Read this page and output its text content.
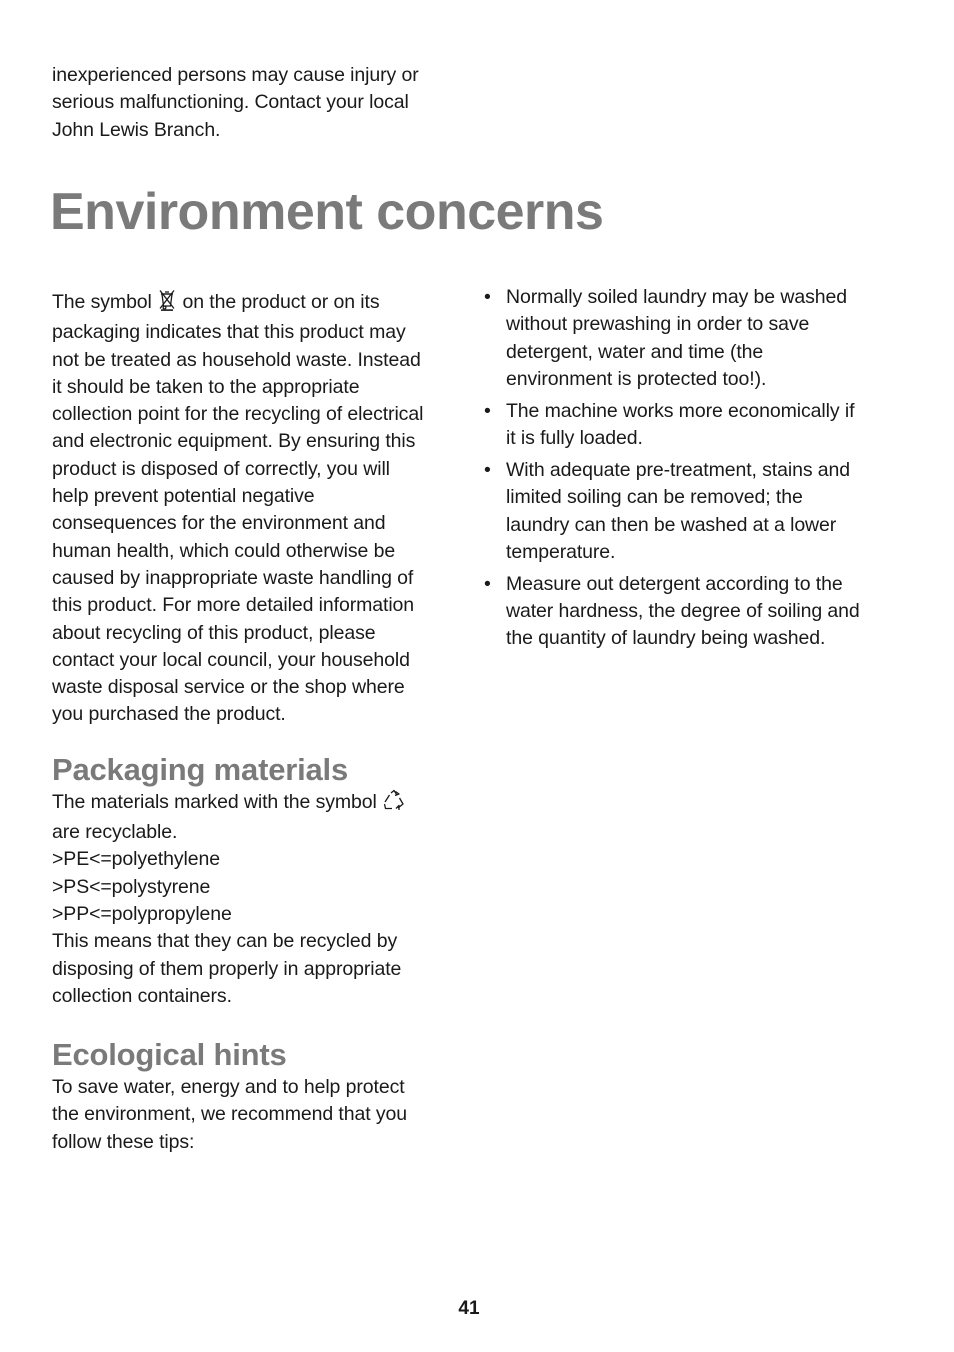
inexperienced persons may cause injury or
serious malfunctioning. Contact your local
John Lewis Branch.
Environment concerns
The symbol on the product or on its
packaging indicates that this product may
not be treated as household waste. Instead
it should be taken to the appropriate
collection point for the recycling of electrical
and electronic equipment. By ensuring this
product is disposed of correctly, you will
help prevent potential negative
consequences for the environment and
human health, which could otherwise be
caused by inappropriate waste handling of
this product. For more detailed information
about recycling of this product, please
contact your local council, your household
waste disposal service or the shop where
you purchased the product.
Packaging materials
The materials marked with the symbol
are recyclable.
>PE<=polyethylene
>PS<=polystyrene
>PP<=polypropylene
This means that they can be recycled by
disposing of them properly in appropriate
collection containers.
Ecological hints
To save water, energy and to help protect
the environment, we recommend that you
follow these tips:
• Normally soiled laundry may be washed
without prewashing in order to save
detergent, water and time (the
environment is protected too!).
• The machine works more economically if
it is fully loaded.
• With adequate pre-treatment, stains and
limited soiling can be removed; the
laundry can then be washed at a lower
temperature.
• Measure out detergent according to the
water hardness, the degree of soiling and
the quantity of laundry being washed.
41
